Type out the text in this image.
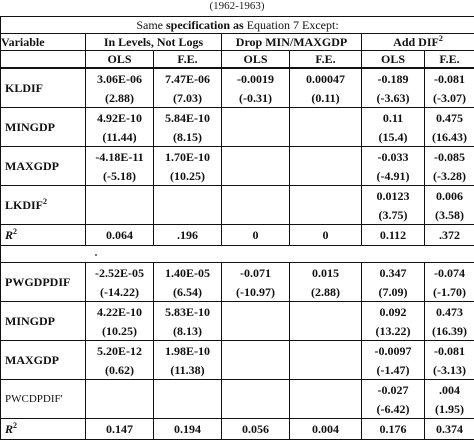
(1962-1963)
Same specification as Equation 7 Except:						
Variable	In Levels, Not Logs		Drop MIN/MAXGDP		Add DIF$^2$
	OLS	F.E.	OLS	F.E.	OLS	F.E.
KLDIF	3.06E-06	7.47E-06	-0.0019	0.00047	-0.189	-0.081
	(2.88)	(7.03)	(-0.31)	(0.11)	(-3.63)	(-3.07)
MINGDP	4.92E-10	5.84E-10			0.11	0.475
	(11.44)	(8.15)			(15.4)	(16.43)
MAXGDP	-4.18E-11	1.70E-10			-0.033	-0.085
	(-5.18)	(10.25)			(-4.91)	(-3.28)
LKDIF$^2$					0.0123	0.006
					(3.75)	(3.58)
$R^2$	0.064	.196	0	0	0.112	.372

PWGDPDIF	-2.52E-05	1.40E-05	-0.071	0.015	0.347	-0.074
	(-14.22)	(6.54)	(-10.97)	(2.88)	(7.09)	(-1.70)
MINGDP	4.22E-10	5.83E-10			0.092	0.473
	(10.25)	(8.13)			(13.22)	(16.39)
MAXGDP	5.20E-12	1.98E-10			-0.0097	-0.081
	(0.62)	(11.38)			(-1.47)	(-3.13)
PWCDPDIF'					-0.027	.004
					(-6.42)	(1.95)
$R^2$	0.147	0.194	0.056	0.004	0.176	0.374
